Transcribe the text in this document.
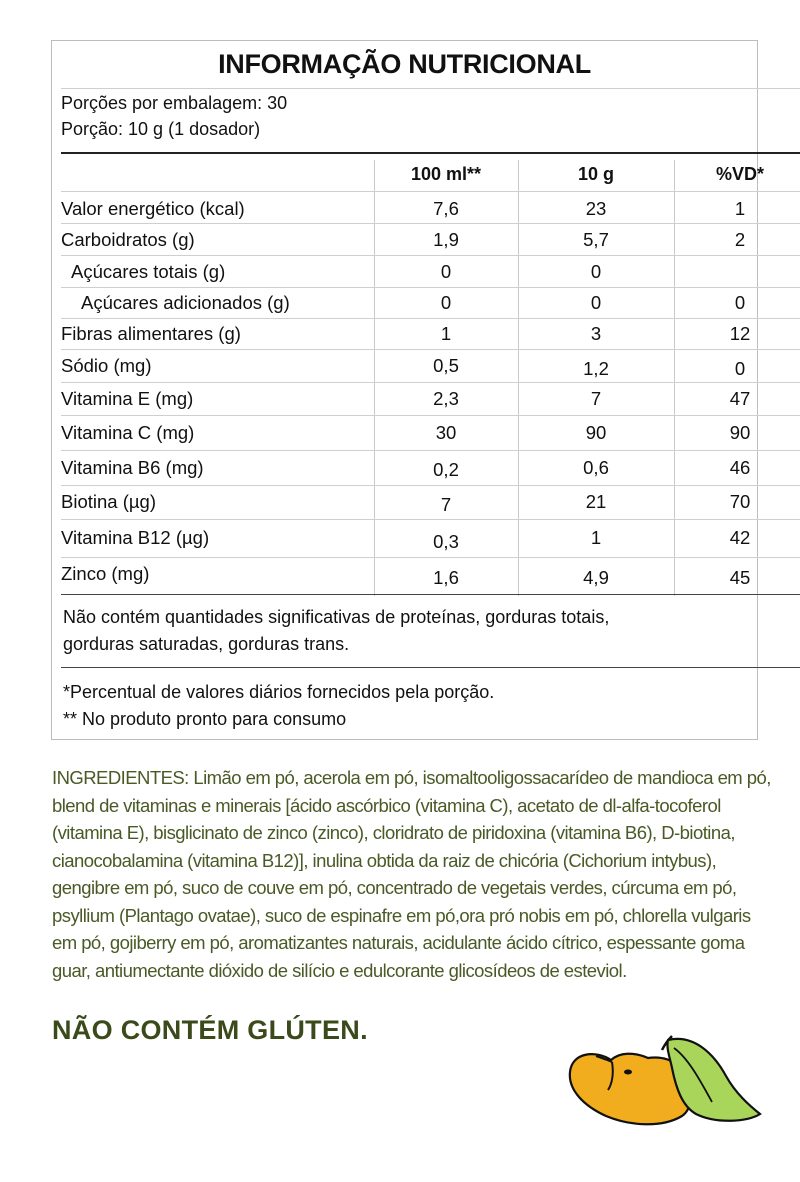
INFORMAÇÃO NUTRICIONAL
Porções por embalagem: 30
Porção: 10 g (1 dosador)
100 ml**	10 g	%VD*
Valor energético (kcal)	7,6	23	1
Carboidratos (g)	1,9	5,7	2
Açúcares totais (g)	0	0
Açúcares adicionados (g)	0	0	0
Fibras alimentares (g)	1	3	12
Sódio (mg)	0,5	1,2	0
Vitamina E (mg)	2,3	7	47
Vitamina C (mg)	30	90	90
Vitamina B6 (mg)	0,2	0,6	46
Biotina (µg)	7	21	70
Vitamina B12 (µg)	0,3	1	42
Zinco (mg)	1,6	4,9	45
Não contém quantidades significativas de proteínas, gorduras totais,
gorduras saturadas, gorduras trans.
*Percentual de valores diários fornecidos pela porção.
** No produto pronto para consumo
INGREDIENTES: Limão em pó, acerola em pó, isomaltooligossacarídeo de mandioca em pó,
blend de vitaminas e minerais [ácido ascórbico (vitamina C), acetato de dl-alfa-tocoferol
(vitamina E), bisglicinato de zinco (zinco), cloridrato de piridoxina (vitamina B6), D-biotina,
cianocobalamina (vitamina B12)], inulina obtida da raiz de chicória (Cichorium intybus),
gengibre em pó, suco de couve em pó, concentrado de vegetais verdes, cúrcuma em pó,
psyllium (Plantago ovatae), suco de espinafre em pó,ora pró nobis em pó, chlorella vulgaris
em pó, gojiberry em pó, aromatizantes naturais, acidulante ácido cítrico, espessante goma
guar, antiumectante dióxido de silício e edulcorante glicosídeos de esteviol.
NÃO CONTÉM GLÚTEN.
